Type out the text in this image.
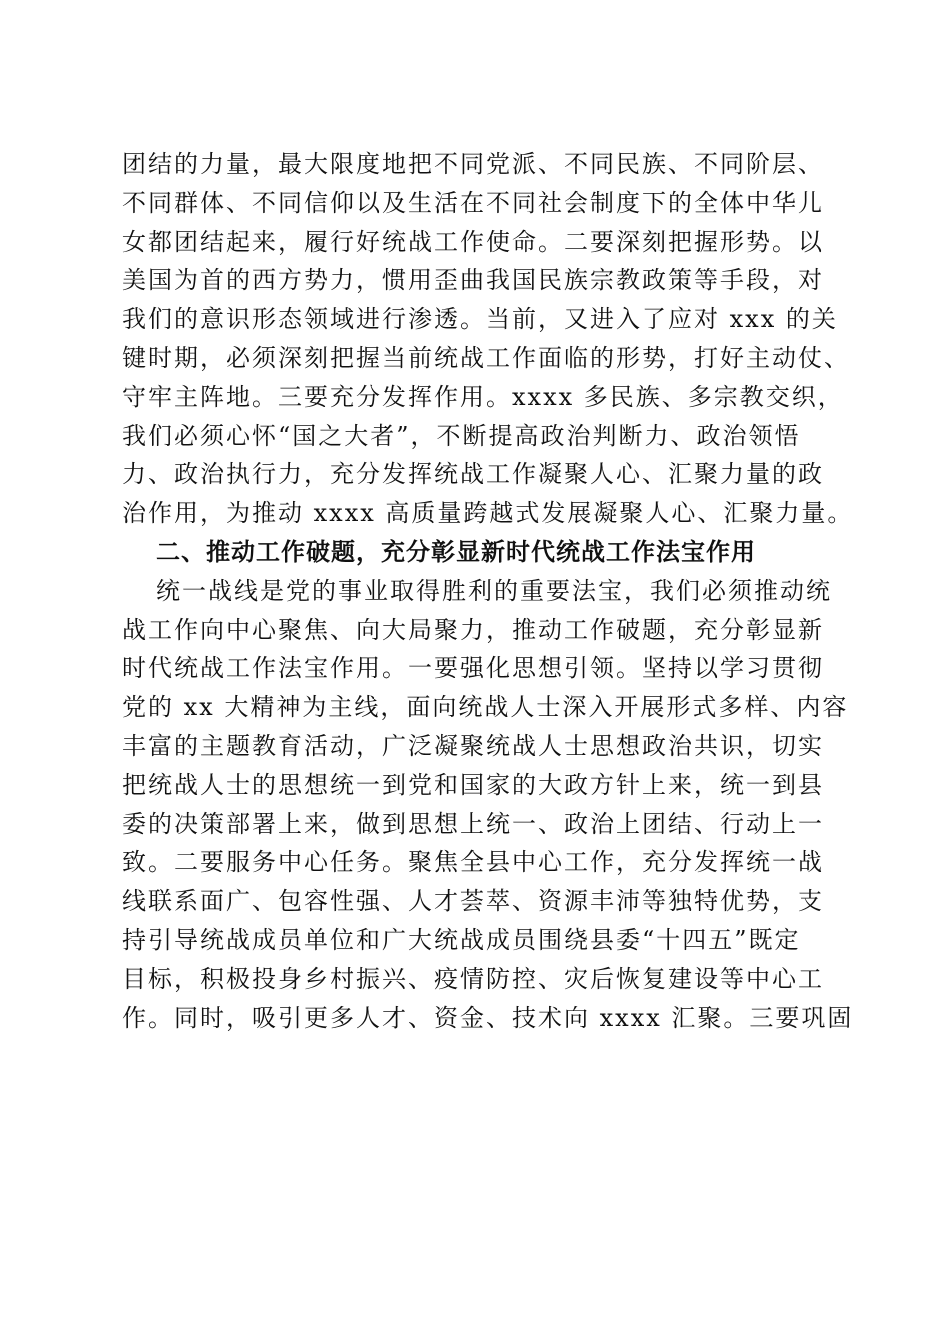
团结的力量，最大限度地把不同党派、不同民族、不同阶层、
不同群体、不同信仰以及生活在不同社会制度下的全体中华儿
女都团结起来，履行好统战工作使命。二要深刻把握形势。以
美国为首的西方势力，惯用歪曲我国民族宗教政策等手段，对
我们的意识形态领域进行渗透。当前，又进入了应对 xxx 的关
键时期，必须深刻把握当前统战工作面临的形势，打好主动仗、
守牢主阵地。三要充分发挥作用。xxxx 多民族、多宗教交织，
我们必须心怀“国之大者”，不断提高政治判断力、政治领悟
力、政治执行力，充分发挥统战工作凝聚人心、汇聚力量的政
治作用，为推动 xxxx 高质量跨越式发展凝聚人心、汇聚力量。
二、推动工作破题，充分彰显新时代统战工作法宝作用
统一战线是党的事业取得胜利的重要法宝，我们必须推动统
战工作向中心聚焦、向大局聚力，推动工作破题，充分彰显新
时代统战工作法宝作用。一要强化思想引领。坚持以学习贯彻
党的 xx 大精神为主线，面向统战人士深入开展形式多样、内容
丰富的主题教育活动，广泛凝聚统战人士思想政治共识，切实
把统战人士的思想统一到党和国家的大政方针上来，统一到县
委的决策部署上来，做到思想上统一、政治上团结、行动上一
致。二要服务中心任务。聚焦全县中心工作，充分发挥统一战
线联系面广、包容性强、人才荟萃、资源丰沛等独特优势，支
持引导统战成员单位和广大统战成员围绕县委“十四五”既定
目标，积极投身乡村振兴、疫情防控、灾后恢复建设等中心工
作。同时，吸引更多人才、资金、技术向 xxxx 汇聚。三要巩固
